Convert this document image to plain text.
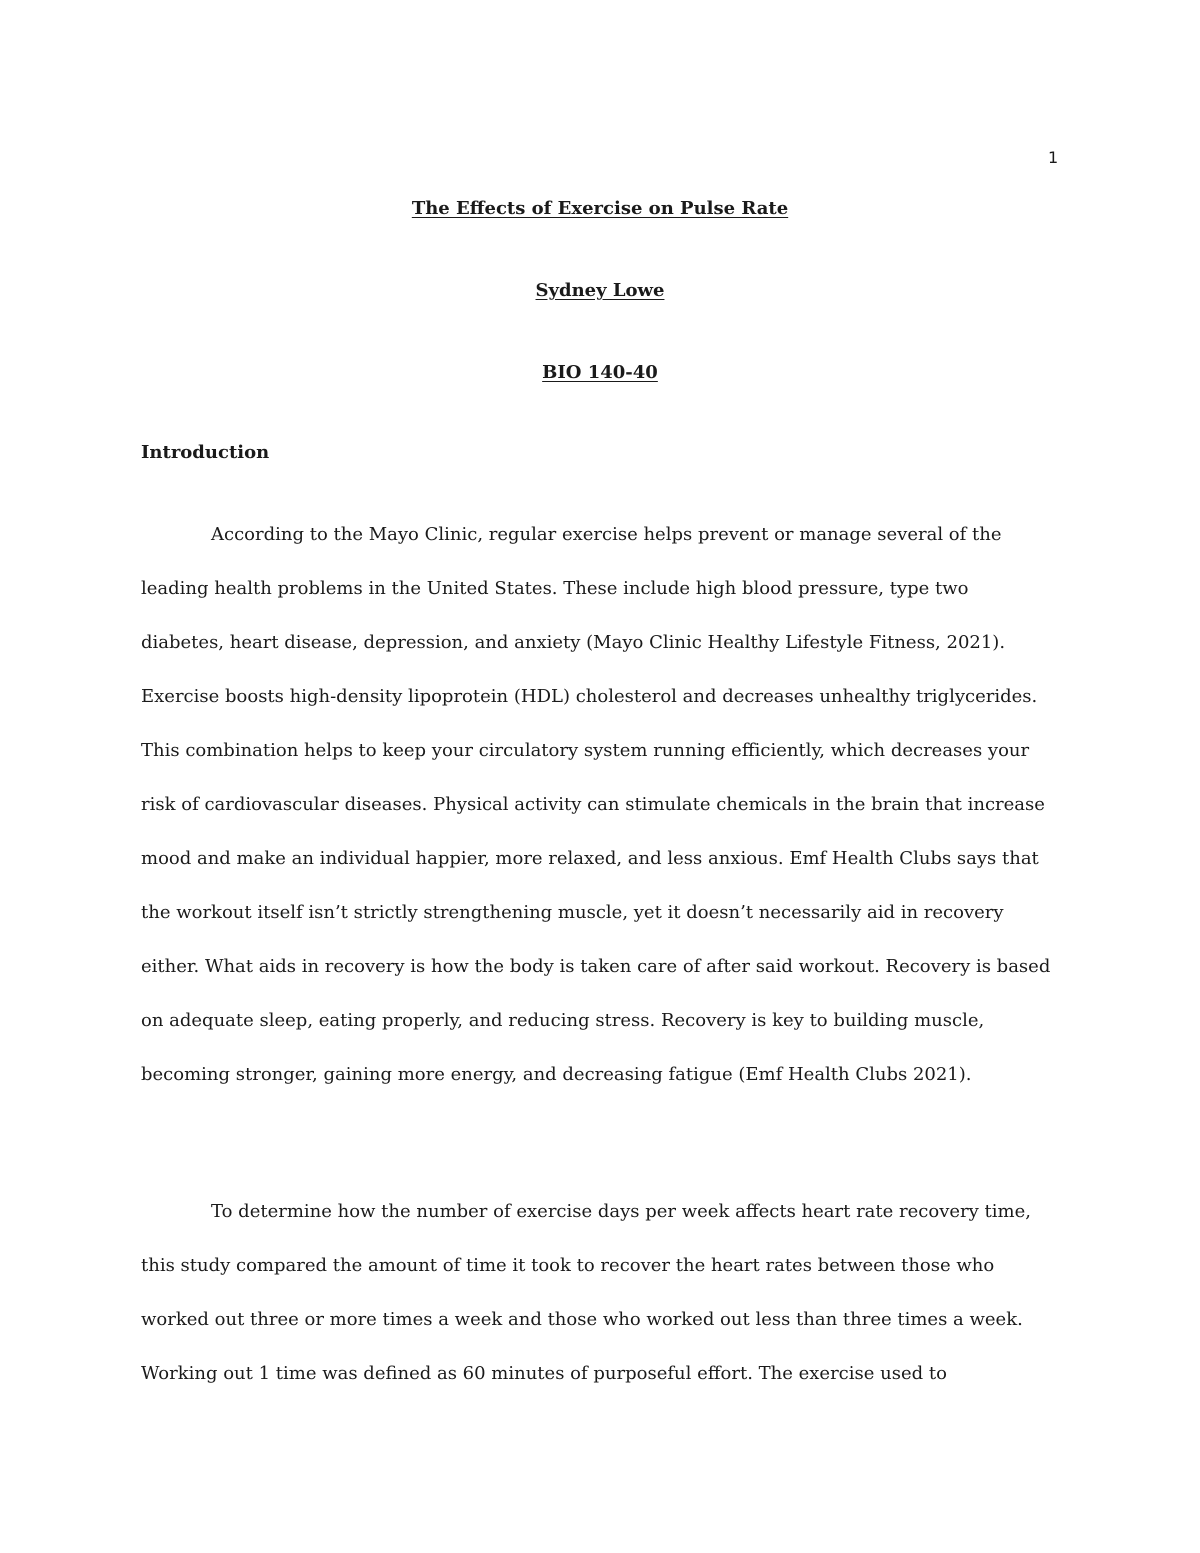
1

The Effects of Exercise on Pulse Rate

Sydney Lowe

BIO 140-40

Introduction

According to the Mayo Clinic, regular exercise helps prevent or manage several of the leading health problems in the United States. These include high blood pressure, type two diabetes, heart disease, depression, and anxiety (Mayo Clinic Healthy Lifestyle Fitness, 2021). Exercise boosts high-density lipoprotein (HDL) cholesterol and decreases unhealthy triglycerides. This combination helps to keep your circulatory system running efficiently, which decreases your risk of cardiovascular diseases. Physical activity can stimulate chemicals in the brain that increase mood and make an individual happier, more relaxed, and less anxious. Emf Health Clubs says that the workout itself isn’t strictly strengthening muscle, yet it doesn’t necessarily aid in recovery either. What aids in recovery is how the body is taken care of after said workout. Recovery is based on adequate sleep, eating properly, and reducing stress. Recovery is key to building muscle, becoming stronger, gaining more energy, and decreasing fatigue (Emf Health Clubs 2021).

To determine how the number of exercise days per week affects heart rate recovery time, this study compared the amount of time it took to recover the heart rates between those who worked out three or more times a week and those who worked out less than three times a week. Working out 1 time was defined as 60 minutes of purposeful effort. The exercise used to
